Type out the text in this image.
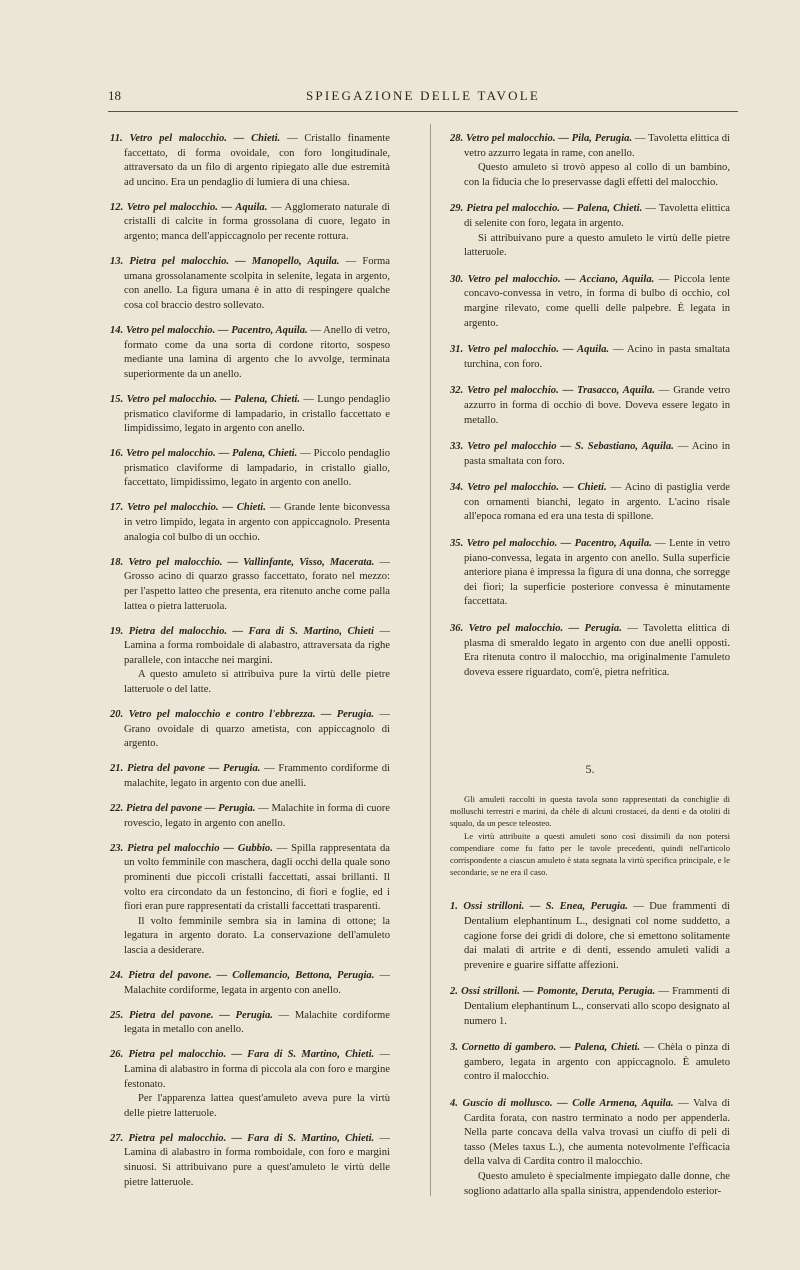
18	SPIEGAZIONE DELLE TAVOLE

11. Vetro pel malocchio. — Chieti. — Cristallo finamente faccettato, di forma ovoidale, con foro longitudinale, attraversato da un filo di argento ripiegato alle due estremità ad uncino. Era un pendaglio di lumiera di una chiesa.

12. Vetro pel malocchio. — Aquila. — Agglomerato naturale di cristalli di calcite in forma grossolana di cuore, legato in argento; manca dell'appiccagnolo per recente rottura.

13. Pietra pel malocchio. — Manopello, Aquila. — Forma umana grossolanamente scolpita in selenite, legata in argento, con anello. La figura umana è in atto di respingere qualche cosa col braccio destro sollevato.

14. Vetro pel malocchio. — Pacentro, Aquila. — Anello di vetro, formato come da una sorta di cordone ritorto, sospeso mediante una lamina di argento che lo avvolge, terminata superiormente da un anello.

15. Vetro pel malocchio. — Palena, Chieti. — Lungo pendaglio prismatico claviforme di lampadario, in cristallo faccettato e limpidissimo, legato in argento con anello.

16. Vetro pel malocchio. — Palena, Chieti. — Piccolo pendaglio prismatico claviforme di lampadario, in cristallo giallo, faccettato, limpidissimo, legato in argento con anello.

17. Vetro pel malocchio. — Chieti. — Grande lente biconvessa in vetro limpido, legata in argento con appiccagnolo. Presenta analogia col bulbo di un occhio.

18. Vetro pel malocchio. — Vallinfante, Visso, Macerata. — Grosso acino di quarzo grasso faccettato, forato nel mezzo: per l'aspetto latteo che presenta, era ritenuto anche come palla lattea o pietra latteruola.

19. Pietra del malocchio. — Fara di S. Martino, Chieti — Lamina a forma romboidale di alabastro, attraversata da righe parallele, con intacche nei margini.

A questo amuleto si attribuiva pure la virtù delle pietre latteruole o del latte.

20. Vetro pel malocchio e contro l'ebbrezza. — Perugia. — Grano ovoidale di quarzo ametista, con appiccagnolo di argento.

21. Pietra del pavone — Perugia. — Frammento cordiforme di malachite, legato in argento con due anelli.

22. Pietra del pavone — Perugia. — Malachite in forma di cuore rovescio, legato in argento con anello.

23. Pietra pel malocchio — Gubbio. — Spilla rappresentata da un volto femminile con maschera, dagli occhi della quale sono prominenti due piccoli cristalli faccettati, assai brillanti. Il volto era circondato da un festoncino, di fiori e foglie, ed i fiori eran pure rappresentati da cristalli faccettati trasparenti.

Il volto femminile sembra sia in lamina di ottone; la legatura in argento dorato. La conservazione dell'amuleto lascia a desiderare.

24. Pietra del pavone. — Collemancio, Bettona, Perugia. — Malachite cordiforme, legata in argento con anello.

25. Pietra del pavone. — Perugia. — Malachite cordiforme legata in metallo con anello.

26. Pietra pel malocchio. — Fara di S. Martino, Chieti. — Lamina di alabastro in forma di piccola ala con foro e margine festonato.

Per l'apparenza lattea quest'amuleto aveva pure la virtù delle pietre latteruole.

27. Pietra pel malocchio. — Fara di S. Martino, Chieti. — Lamina di alabastro in forma romboidale, con foro e margini sinuosi. Si attribuivano pure a quest'amuleto le virtù delle pietre latteruole.

28. Vetro pel malocchio. — Pila, Perugia. — Tavoletta elittica di vetro azzurro legata in rame, con anello.

Questo amuleto si trovò appeso al collo di un bambino, con la fiducia che lo preservasse dagli effetti del malocchio.

29. Pietra pel malocchio. — Palena, Chieti. — Tavoletta elittica di selenite con foro, legata in argento.

Si attribuivano pure a questo amuleto le virtù delle pietre latteruole.

30. Vetro pel malocchio. — Acciano, Aquila. — Piccola lente concavo-convessa in vetro, in forma di bulbo di occhio, col margine rilevato, come quelli delle palpebre. È legata in argento.

31. Vetro pel malocchio. — Aquila. — Acino in pasta smaltata turchina, con foro.

32. Vetro pel malocchio. — Trasacco, Aquila. — Grande vetro azzurro in forma di occhio di bove. Doveva essere legato in metallo.

33. Vetro pel malocchio — S. Sebastiano, Aquila. — Acino in pasta smaltata con foro.

34. Vetro pel malocchio. — Chieti. — Acino di pastiglia verde con ornamenti bianchi, legato in argento. L'acino risale all'epoca romana ed era una testa di spillone.

35. Vetro pel malocchio. — Pacentro, Aquila. — Lente in vetro piano-convessa, legata in argento con anello. Sulla superficie anteriore piana è impressa la figura di una donna, che sorregge dei fiori; la superficie posteriore convessa è minutamente faccettata.

36. Vetro pel malocchio. — Perugia. — Tavoletta elittica di plasma di smeraldo legato in argento con due anelli opposti. Era ritenuta contro il malocchio, ma originalmente l'amuleto doveva essere riguardato, com'è, pietra nefritica.

5.

Gli amuleti raccolti in questa tavola sono rappresentati da conchiglie di molluschi terrestri e marini, da chèle di alcuni crostacei, da denti e da otoliti di squalo, da un pesce teleosteo.

Le virtù attribuite a questi amuleti sono così dissimili da non potersi compendiare come fu fatto per le tavole precedenti, quindi nell'articolo corrispondente a ciascun amuleto è stata segnata la virtù specifica principale, e le secondarie, se ne era il caso.

1. Ossi strilloni. — S. Enea, Perugia. — Due frammenti di Dentalium elephantinum L., designati col nome suddetto, a cagione forse dei gridi di dolore, che si emettono solitamente dai malati di artrite e di denti, essendo amuleti validi a prevenire e guarire siffatte affezioni.

2. Ossi strilloni. — Pomonte, Deruta, Perugia. — Frammenti di Dentalium elephantinum L., conservati allo scopo designato al numero 1.

3. Cornetto di gambero. — Palena, Chieti. — Chèla o pinza di gambero, legata in argento con appiccagnolo. È amuleto contro il malocchio.

4. Guscio di mollusco. — Colle Armena, Aquila. — Valva di Cardita forata, con nastro terminato a nodo per appenderla. Nella parte concava della valva trovasi un ciuffo di peli di tasso (Meles taxus L.), che aumenta notevolmente l'efficacia della valva di Cardita contro il malocchio.

Questo amuleto è specialmente impiegato dalle donne, che sogliono adattarlo alla spalla sinistra, appendendolo esterior-
